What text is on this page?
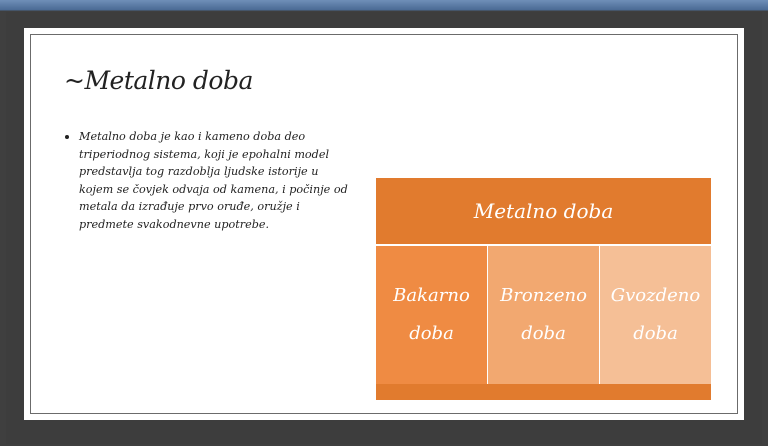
~Metalno doba
Metalno doba je kao i kameno doba deo triperiodnog sistema, koji je epohalni model predstavlja tog razdoblja ljudske istorije u kojem se čovjek odvaja od kamena, i počinje od metala da izrađuje prvo oruđe, oružje i predmete svakodnevne upotrebe.
Metalno doba
Bakarno
doba
Bronzeno
doba
Gvozdeno
doba
